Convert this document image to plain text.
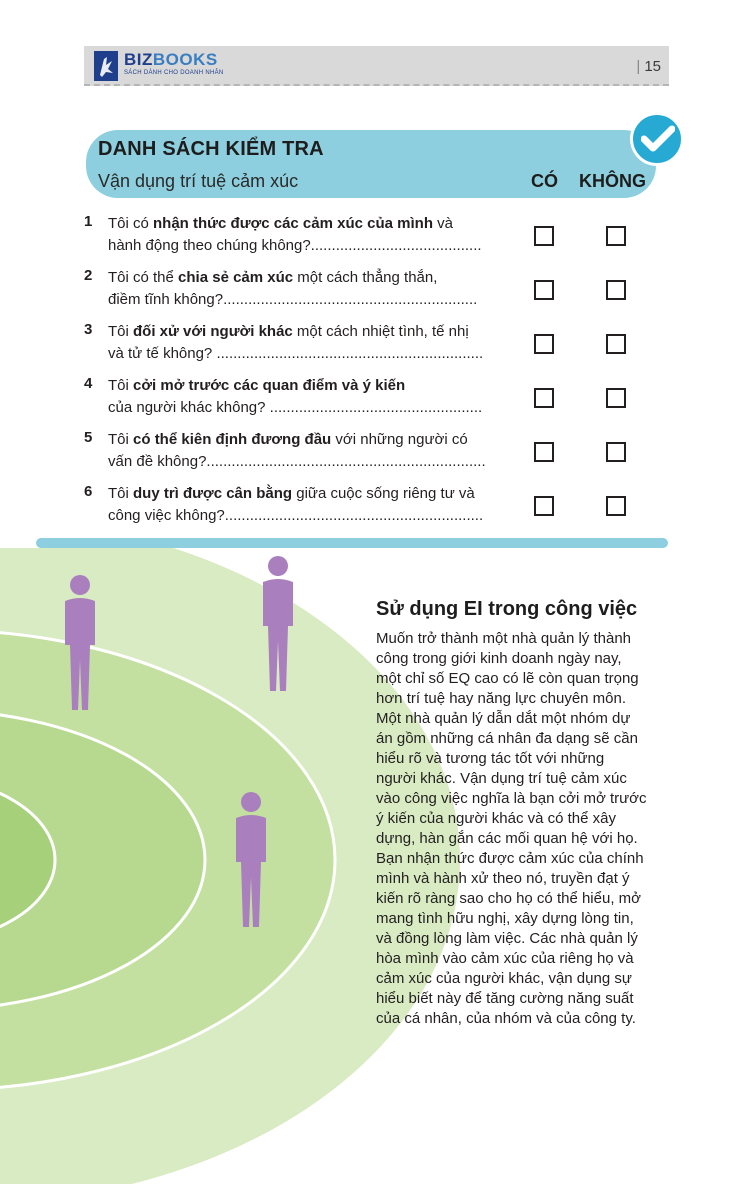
BIZBOOKS
SÁCH DÀNH CHO DOANH NHÂN	| 15
DANH SÁCH KIỂM TRA
Vận dụng trí tuệ cảm xúc	CÓ KHÔNG
1 Tôi có nhận thức được các cảm xúc của mình và
hành động theo chúng không?.........................................
2 Tôi có thể chia sẻ cảm xúc một cách thẳng thắn,
điềm tĩnh không?.............................................................
3 Tôi đối xử với người khác một cách nhiệt tình, tế nhị
và tử tế không? ................................................................
4 Tôi cởi mở trước các quan điểm và ý kiến
của người khác không? ...................................................
5 Tôi có thể kiên định đương đầu với những người có
vấn đề không?...................................................................
6 Tôi duy trì được cân bằng giữa cuộc sống riêng tư và
công việc không?..............................................................
Sử dụng EI trong công việc
Muốn trở thành một nhà quản lý thành
công trong giới kinh doanh ngày nay,
một chỉ số EQ cao có lẽ còn quan trọng
hơn trí tuệ hay năng lực chuyên môn.
Một nhà quản lý dẫn dắt một nhóm dự
án gồm những cá nhân đa dạng sẽ cần
hiểu rõ và tương tác tốt với những
người khác. Vận dụng trí tuệ cảm xúc
vào công việc nghĩa là bạn cởi mở trước
ý kiến của người khác và có thể xây
dựng, hàn gắn các mối quan hệ với họ.
Bạn nhận thức được cảm xúc của chính
mình và hành xử theo nó, truyền đạt ý
kiến rõ ràng sao cho họ có thể hiểu, mở
mang tình hữu nghị, xây dựng lòng tin,
và đồng lòng làm việc. Các nhà quản lý
hòa mình vào cảm xúc của riêng họ và
cảm xúc của người khác, vận dụng sự
hiểu biết này để tăng cường năng suất
của cá nhân, của nhóm và của công ty.
